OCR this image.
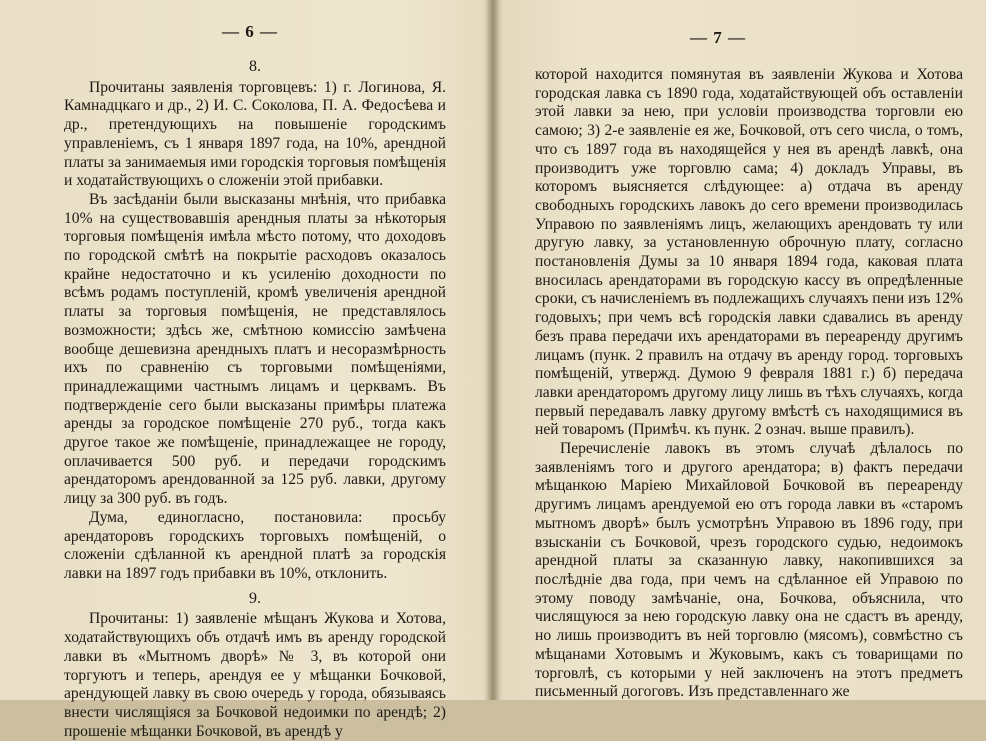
— 6 —
8.

Прочитаны заявленія торговцевъ: 1) г. Логинова, Я. Камнадцкаго и др., 2) И. С. Соколова, П. А. Федосѣева и др., претендующихъ на повышеніе городскимъ управленіемъ, съ 1 января 1897 года, на 10%, арендной платы за занимаемыя ими городскія торговыя помѣщенія и ходатайствующихъ о сложеніи этой прибавки.

Въ засѣданіи были высказаны мнѣнія, что прибавка 10% на существовавшія арендныя платы за нѣкоторыя торговыя помѣщенія имѣла мѣсто потому, что доходовъ по городской смѣтѣ на покрытіе расходовъ оказалось крайне недостаточно и къ усиленію доходности по всѣмъ родамъ поступленій, кромѣ увеличенія арендной платы за торговыя помѣщенія, не представлялось возможности; здѣсь же, смѣтною комиссію замѣчена вообще дешевизна арендныхъ платъ и несоразмѣрность ихъ по сравненію съ торговыми помѣщеніями, принадлежащими частнымъ лицамъ и церквамъ. Въ подтвержденіе сего были высказаны примѣры платежа аренды за городское помѣщеніе 270 руб., тогда какъ другое такое же помѣщеніе, принадлежащее не городу, оплачивается 500 руб. и передачи городскимъ арендаторомъ арендованной за 125 руб. лавки, другому лицу за 300 руб. въ годъ.

Дума, единогласно, постановила: просьбу арендаторовъ городскихъ торговыхъ помѣщеній, о сложеніи сдѣланной къ арендной платѣ за городскія лавки на 1897 годъ прибавки въ 10%, отклонить.

9.

Прочитаны: 1) заявленіе мѣщанъ Жукова и Хотова, ходатайствующихъ объ отдачѣ имъ въ аренду городской лавки въ «Мытномъ дворѣ» № 3, въ которой они торгуютъ и теперь, арендуя ее у мѣщанки Бочковой, арендующей лавку въ свою очередь у города, обязываясь внести числящіяся за Бочковой недоимки по арендѣ; 2) прошеніе мѣщанки Бочковой, въ арендѣ у

— 7 —

которой находится помянутая въ заявленіи Жукова и Хотова городская лавка съ 1890 года, ходатайствующей объ оставленіи этой лавки за нею, при условіи производства торговли ею самою; 3) 2-е заявленіе ея же, Бочковой, отъ сего числа, о томъ, что съ 1897 года въ находящейся у нея въ арендѣ лавкѣ, она производитъ уже торговлю сама; 4) докладъ Управы, въ которомъ выясняется слѣдующее: а) отдача въ аренду свободныхъ городскихъ лавокъ до сего времени производилась Управою по заявленіямъ лицъ, желающихъ арендовать ту или другую лавку, за установленную оброчную плату, согласно постановленія Думы за 10 января 1894 года, каковая плата вносилась арендаторами въ городскую кассу въ опредѣленные сроки, съ начисленіемъ въ подлежащихъ случаяхъ пени изъ 12% годовыхъ; при чемъ всѣ городскія лавки сдавались въ аренду безъ права передачи ихъ арендаторами въ переаренду другимъ лицамъ (пунк. 2 правилъ на отдачу въ аренду город. торговыхъ помѣщеній, утвержд. Думою 9 февраля 1881 г.) б) передача лавки арендаторомъ другому лицу лишь въ тѣхъ случаяхъ, когда первый передавалъ лавку другому вмѣстѣ съ находящимися въ ней товаромъ (Примѣч. къ пунк. 2 означ. выше правилъ).

Перечисленіе лавокъ въ этомъ случаѣ дѣлалось по заявленіямъ того и другого арендатора; в) фактъ передачи мѣщанкою Маріею Михайловой Бочковой въ переаренду другимъ лицамъ арендуемой ею отъ города лавки въ «старомъ мытномъ дворѣ» былъ усмотрѣнъ Управою въ 1896 году, при взысканіи съ Бочковой, чрезъ городского судью, недоимокъ арендной платы за сказанную лавку, накопившихся за послѣдніе два года, при чемъ на сдѣланное ей Управою по этому поводу замѣчаніе, она, Бочкова, объяснила, что числящуюся за нею городскую лавку она не сдастъ въ аренду, но лишь производитъ въ ней торговлю (мясомъ), совмѣстно съ мѣщанами Хотовымъ и Жуковымъ, какъ съ товарищами по торговлѣ, съ которыми у ней заключенъ на этотъ предметъ письменный догоговъ. Изъ представленнаго же
